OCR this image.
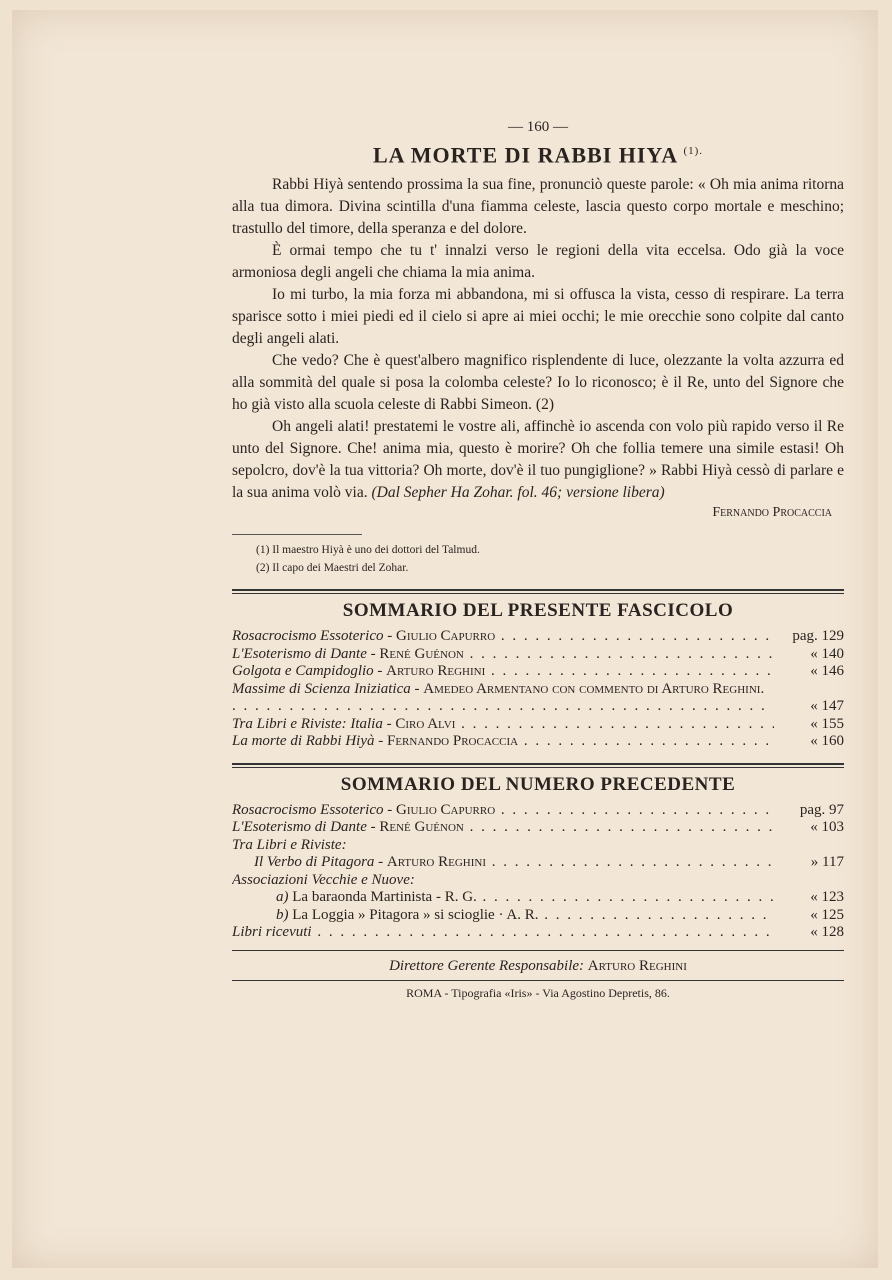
— 160 —
LA MORTE DI RABBI HIYA $^{(1).}$

Rabbi Hiyà sentendo prossima la sua fine, pronunciò queste parole: « Oh mia anima ritorna alla tua dimora. Divina scintilla d'una fiamma celeste, lascia questo corpo mortale e meschino; trastullo del timore, della speranza e del dolore.

È ormai tempo che tu t' innalzi verso le regioni della vita eccelsa. Odo già la voce armoniosa degli angeli che chiama la mia anima.

Io mi turbo, la mia forza mi abbandona, mi si offusca la vista, cesso di respirare. La terra sparisce sotto i miei piedi ed il cielo si apre ai miei occhi; le mie orecchie sono colpite dal canto degli angeli alati.

Che vedo? Che è quest'albero magnifico risplendente di luce, olezzante la volta azzurra ed alla sommità del quale si posa la colomba celeste? Io lo riconosco; è il Re, unto del Signore che ho già visto alla scuola celeste di Rabbi Simeon. (2)

Oh angeli alati! prestatemi le vostre ali, affinchè io ascenda con volo più rapido verso il Re unto del Signore. Che! anima mia, questo è morire? Oh che follia temere una simile estasi! Oh sepolcro, dov'è la tua vittoria? Oh morte, dov'è il tuo pungiglione? » Rabbi Hiyà cessò di parlare e la sua anima volò via. (Dal Sepher Ha Zohar. fol. 46; versione libera)

Fernando Procaccia
(1) Il maestro Hiyà è uno dei dottori del Talmud.
(2) Il capo dei Maestri del Zohar.
SOMMARIO DEL PRESENTE FASCICOLO
Rosacrocismo Essoterico - Giulio Capurro . . .	pag. 129
L'Esoterismo di Dante - René Guénon . . .	« 140
Golgota e Campidoglio - Arturo Reghini . . .	« 146
Massime di Scienza Iniziatica - Amedeo Armentano con commento di Arturo Reghini. . . .
« 147
Tra Libri e Riviste: Italia - Ciro Alvi . . .	« 155
La morte di Rabbi Hiyà - Fernando Procaccia . . .	« 160
SOMMARIO DEL NUMERO PRECEDENTE
Rosacrocismo Essoterico - Giulio Capurro . . .	pag. 97
L'Esoterismo di Dante - René Guénon . . .	« 103
Tra Libri e Riviste:
Il Verbo di Pitagora - Arturo Reghini . . .	» 117
Associazioni Vecchie e Nuove:
a) La baraonda Martinista - R. G. . . .	« 123
b) La Loggia » Pitagora » si scioglie · A. R. . . .	« 125
Libri ricevuti . . .	« 128
Direttore Gerente Responsabile: Arturo Reghini
ROMA - Tipografia «Iris» - Via Agostino Depretis, 86.
